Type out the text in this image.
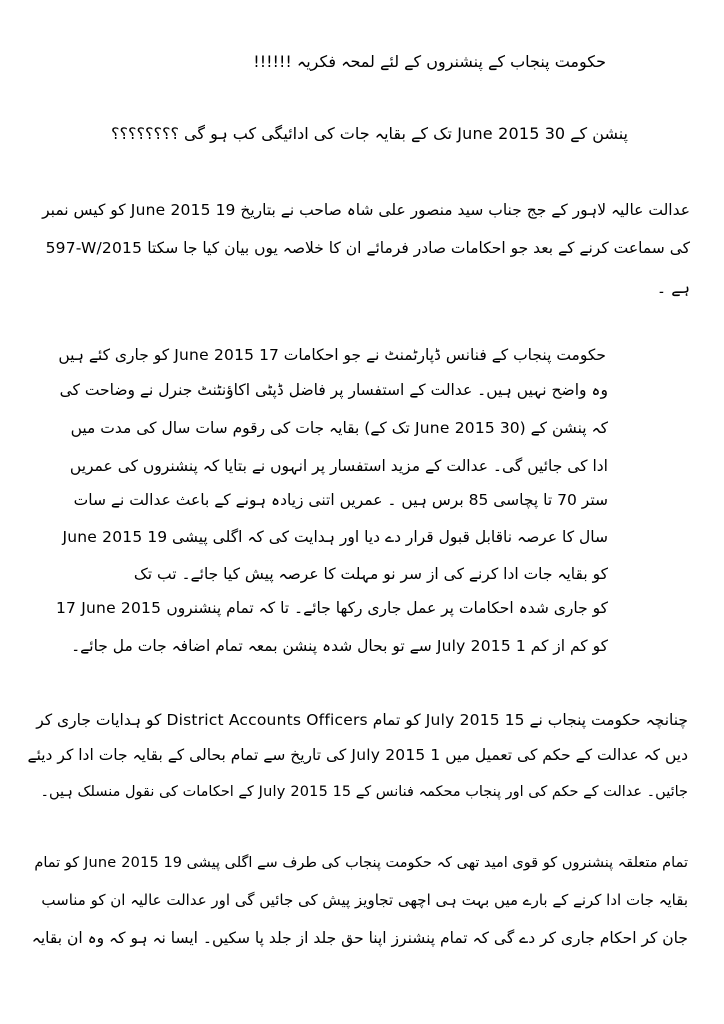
حکومت پنجاب کے پنشنروں کے لئے لمحہ فکریہ !!!!!!
پنشن کے 30 June 2015 تک کے بقایہ جات کی ادائیگی کب ہو گی ؟؟؟؟؟؟؟؟
عدالت عالیہ لاہور کے جج جناب سید منصور علی شاہ صاحب نے بتاریخ 19 June 2015 کو کیس نمبر
597-W/2015 کی سماعت کرنے کے بعد جو احکامات صادر فرمائے ان کا خلاصہ یوں بیان کیا جا سکتا
ہے ۔
حکومت پنجاب کے فنانس ڈپارٹمنٹ نے جو احکامات 17 June 2015 کو جاری کئے ہیں
وہ واضح نہیں ہیں۔ عدالت کے استفسار پر فاضل ڈپٹی اکاؤنٹنٹ جنرل نے وضاحت کی
کہ پنشن کے (30 June 2015 تک کے) بقایہ جات کی رقوم سات سال کی مدت میں
ادا کی جائیں گی۔ عدالت کے مزید استفسار پر انہوں نے بتایا کہ پنشنروں کی عمریں
ستر 70 تا پچاسی 85 برس ہیں ۔ عمریں اتنی زیادہ ہونے کے باعث عدالت نے سات
سال کا عرصہ ناقابل قبول قرار دے دیا اور ہدایت کی کہ اگلی پیشی 19 June 2015
کو بقایہ جات ادا کرنے کی از سر نو مہلت کا عرصہ پیش کیا جائے۔ تب تک
17 June 2015 کو جاری شدہ احکامات پر عمل جاری رکھا جائے۔ تا کہ تمام پنشنروں
کو کم از کم 1 July 2015 سے تو بحال شدہ پنشن بمعہ تمام اضافہ جات مل جائے۔
چنانچہ حکومت پنجاب نے 15 July 2015 کو تمام District Accounts Officers کو ہدایات جاری کر
دیں کہ عدالت کے حکم کی تعمیل میں 1 July 2015 کی تاریخ سے تمام بحالی کے بقایہ جات ادا کر دیئے
جائیں۔ عدالت کے حکم کی اور پنجاب محکمہ فنانس کے 15 July 2015 کے احکامات کی نقول منسلک ہیں۔
تمام متعلقہ پنشنروں کو قوی امید تھی کہ حکومت پنجاب کی طرف سے اگلی پیشی 19 June 2015 کو تمام
بقایہ جات ادا کرنے کے بارے میں بہت ہی اچھی تجاویز پیش کی جائیں گی اور عدالت عالیہ ان کو مناسب
جان کر احکام جاری کر دے گی کہ تمام پنشنرز اپنا حق جلد از جلد پا سکیں۔ ایسا نہ ہو کہ وہ ان بقایہ
